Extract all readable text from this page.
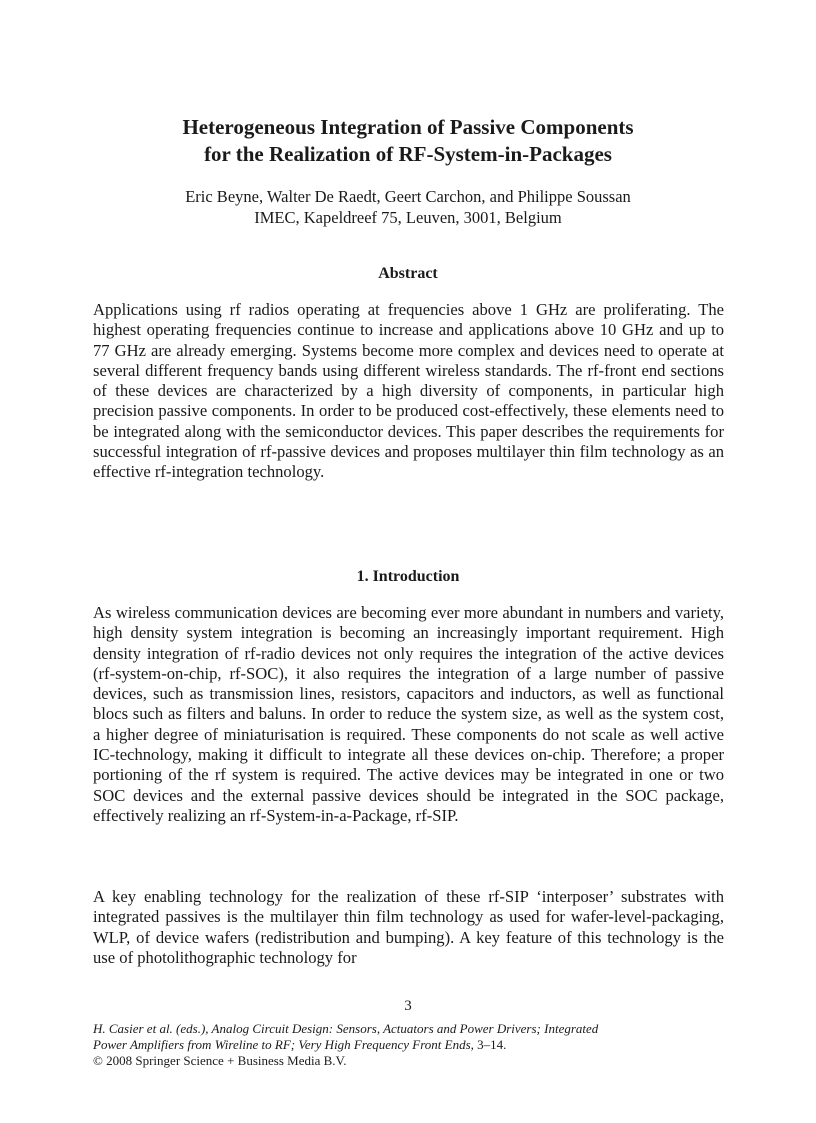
Heterogeneous Integration of Passive Components
for the Realization of RF-System-in-Packages
Eric Beyne, Walter De Raedt, Geert Carchon, and Philippe Soussan
IMEC, Kapeldreef 75, Leuven, 3001, Belgium
Abstract

Applications using rf radios operating at frequencies above 1 GHz are proliferating. The highest operating frequencies continue to increase and applications above 10 GHz and up to 77 GHz are already emerging. Systems become more complex and devices need to operate at several different frequency bands using different wireless standards. The rf-front end sections of these devices are characterized by a high diversity of components, in particular high precision passive components. In order to be produced cost-effectively, these elements need to be integrated along with the semiconductor devices. This paper describes the requirements for successful integration of rf-passive devices and proposes multilayer thin film technology as an effective rf-integration technology.

1. Introduction

As wireless communication devices are becoming ever more abundant in numbers and variety, high density system integration is becoming an increasingly important requirement. High density integration of rf-radio devices not only requires the integration of the active devices (rf-system-on-chip, rf-SOC), it also requires the integration of a large number of passive devices, such as transmission lines, resistors, capacitors and inductors, as well as functional blocs such as filters and baluns. In order to reduce the system size, as well as the system cost, a higher degree of miniaturisation is required. These components do not scale as well active IC-technology, making it difficult to integrate all these devices on-chip. Therefore; a proper portioning of the rf system is required. The active devices may be integrated in one or two SOC devices and the external passive devices should be integrated in the SOC package, effectively realizing an rf-System-in-a-Package, rf-SIP.

A key enabling technology for the realization of these rf-SIP ‘interposer’ substrates with integrated passives is the multilayer thin film technology as used for wafer-level-packaging, WLP, of device wafers (redistribution and bumping). A key feature of this technology is the use of photolithographic technology for

3
H. Casier et al. (eds.), Analog Circuit Design: Sensors, Actuators and Power Drivers; Integrated
Power Amplifiers from Wireline to RF; Very High Frequency Front Ends, 3–14.
© 2008 Springer Science + Business Media B.V.
